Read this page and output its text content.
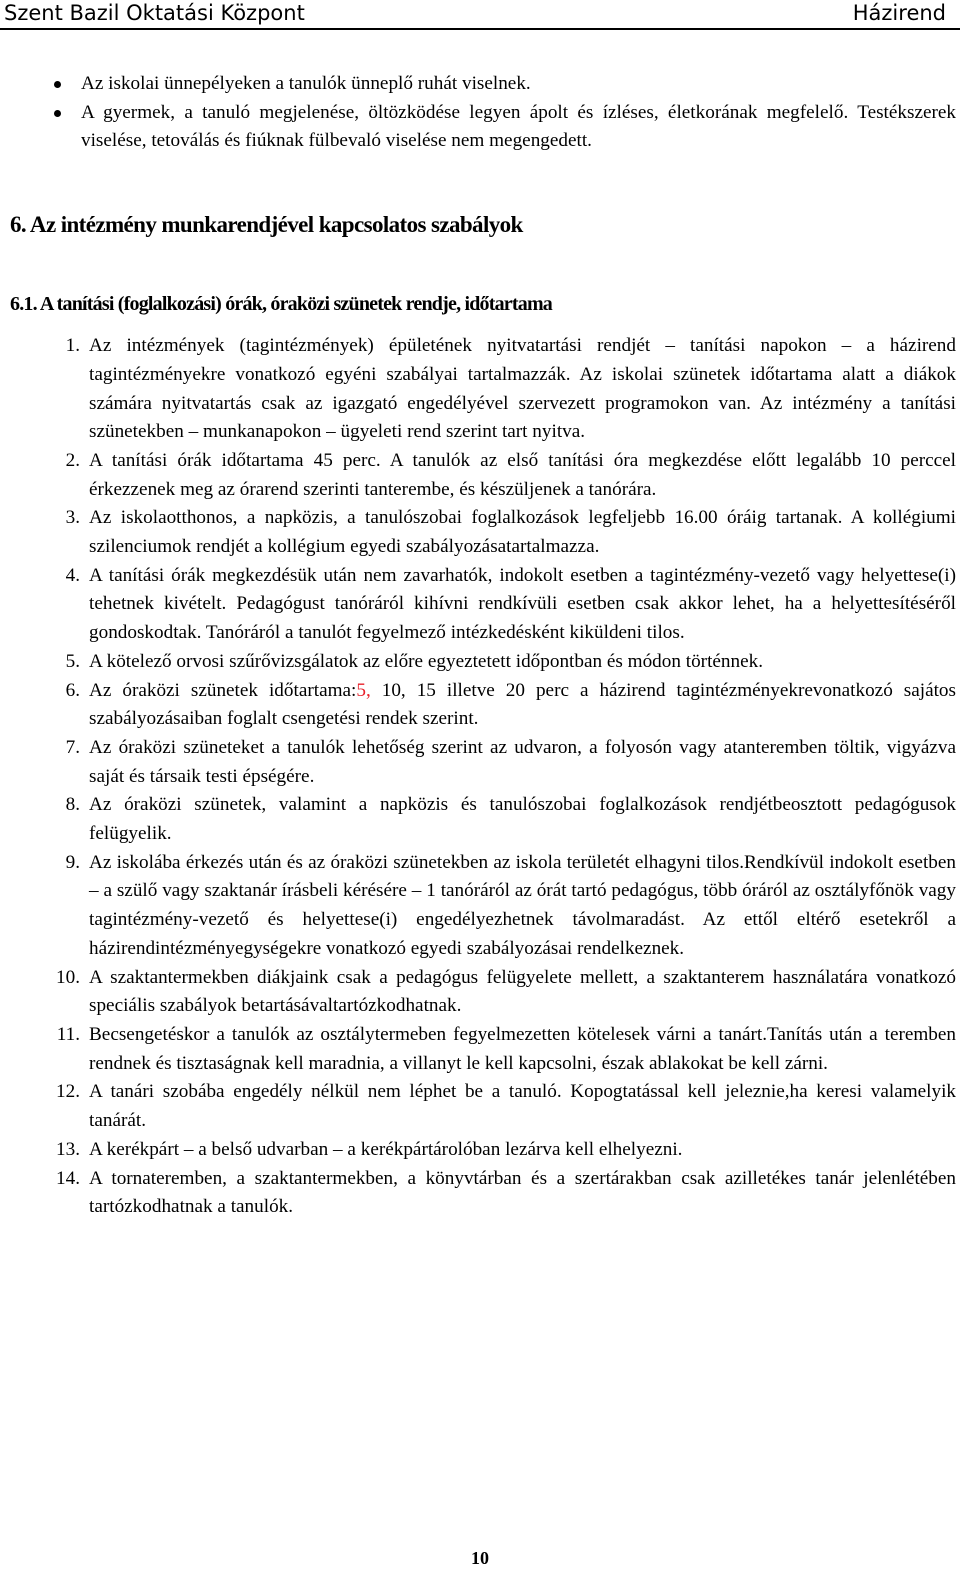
Szent Bazil Oktatási Központ	Házirend
Az iskolai ünnepélyeken a tanulók ünneplő ruhát viselnek.
A gyermek, a tanuló megjelenése, öltözködése legyen ápolt és ízléses, életkorának megfelelő. Testékszerek viselése, tetoválás és fiúknak fülbevaló viselése nem megengedett.
6. Az intézmény munkarendjével kapcsolatos szabályok
6.1. A tanítási (foglalkozási) órák, óraközi szünetek rendje, időtartama
1. Az intézmények (tagintézmények) épületének nyitvatartási rendjét – tanítási napokon – a házirend tagintézményekre vonatkozó egyéni szabályai tartalmazzák. Az iskolai szünetek időtartama alatt a diákok számára nyitvatartás csak az igazgató engedélyével szervezett programokon van. Az intézmény a tanítási szünetekben – munkanapokon – ügyeleti rend szerint tart nyitva.
2. A tanítási órák időtartama 45 perc. A tanulók az első tanítási óra megkezdése előtt legalább 10 perccel érkezzenek meg az órarend szerinti tanterembe, és készüljenek a tanórára.
3. Az iskolaotthonos, a napközis, a tanulószobai foglalkozások legfeljebb 16.00 óráig tartanak. A kollégiumi szilenciumok rendjét a kollégium egyedi szabályozásatartalmazza.
4. A tanítási órák megkezdésük után nem zavarhatók, indokolt esetben a tagintézmény-vezető vagy helyettese(i) tehetnek kivételt. Pedagógust tanóráról kihívni rendkívüli esetben csak akkor lehet, ha a helyettesítéséről gondoskodtak. Tanóráról a tanulót fegyelmező intézkedésként kiküldeni tilos.
5. A kötelező orvosi szűrővizsgálatok az előre egyeztetett időpontban és módon történnek.
6. Az óraközi szünetek időtartama:5, 10, 15 illetve 20 perc a házirend tagintézményekrevonatkozó sajátos szabályozásaiban foglalt csengetési rendek szerint.
7. Az óraközi szüneteket a tanulók lehetőség szerint az udvaron, a folyosón vagy atanteremben töltik, vigyázva saját és társaik testi épségére.
8. Az óraközi szünetek, valamint a napközis és tanulószobai foglalkozások rendjétbeosztott pedagógusok felügyelik.
9. Az iskolába érkezés után és az óraközi szünetekben az iskola területét elhagyni tilos.Rendkívül indokolt esetben – a szülő vagy szaktanár írásbeli kérésére – 1 tanóráról az órát tartó pedagógus, több óráról az osztályfőnök vagy tagintézmény-vezető és helyettese(i) engedélyezhetnek távolmaradást. Az ettől eltérő esetekről a házirendintézményegységekre vonatkozó egyedi szabályozásai rendelkeznek.
10. A szaktantermekben diákjaink csak a pedagógus felügyelete mellett, a szaktanterem használatára vonatkozó speciális szabályok betartásávaltartózkodhatnak.
11. Becsengetéskor a tanulók az osztálytermeben fegyelmezetten kötelesek várni a tanárt.Tanítás után a teremben rendnek és tisztaságnak kell maradnia, a villanyt le kell kapcsolni, észak ablakokat be kell zárni.
12. A tanári szobába engedély nélkül nem léphet be a tanuló. Kopogtatással kell jeleznie,ha keresi valamelyik tanárát.
13. A kerékpárt – a belső udvarban – a kerékpártárolóban lezárva kell elhelyezni.
14. A tornateremben, a szaktantermekben, a könyvtárban és a szertárakban csak azilletékes tanár jelenlétében tartózkodhatnak a tanulók.
10
